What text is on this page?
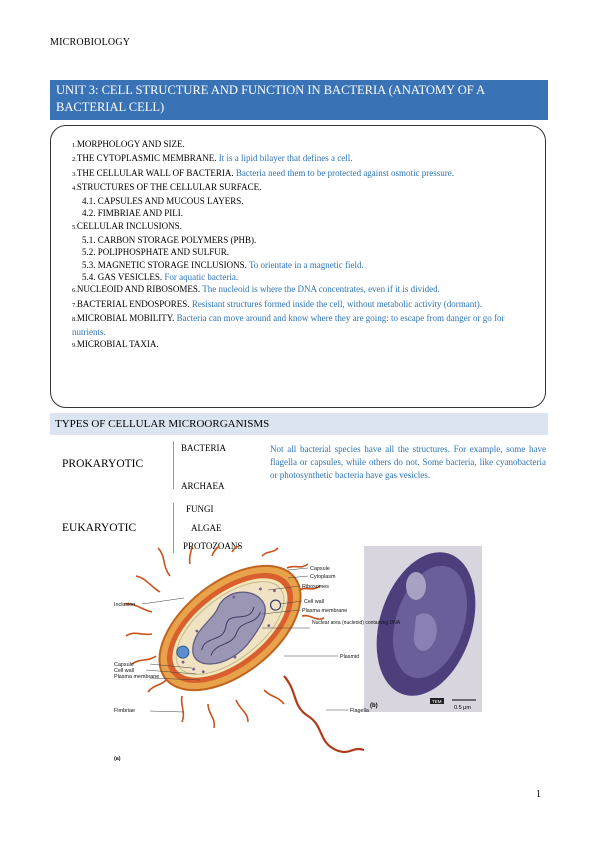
MICROBIOLOGY
UNIT 3: CELL STRUCTURE AND FUNCTION IN BACTERIA (ANATOMY OF A BACTERIAL CELL)
1.MORPHOLOGY AND SIZE.
2.THE CYTOPLASMIC MEMBRANE. It is a lipid bilayer that defines a cell.
3.THE CELLULAR WALL OF BACTERIA. Bacteria need them to be protected against osmotic pressure.
4.STRUCTURES OF THE CELLULAR SURFACE.
4.1. CAPSULES AND MUCOUS LAYERS.
4.2. FIMBRIAE AND PILI.
5.CELLULAR INCLUSIONS.
5.1. CARBON STORAGE POLYMERS (PHB).
5.2. POLIPHOSPHATE AND SULFUR.
5.3. MAGNETIC STORAGE INCLUSIONS. To orientate in a magnetic field.
5.4. GAS VESICLES. For aquatic bacteria.
6.NUCLEOID AND RIBOSOMES. The nucleoid is where the DNA concentrates, even if it is divided.
7.BACTERIAL ENDOSPORES. Resistant structures formed inside the cell, without metabolic activity (dormant).
8.MICROBIAL MOBILITY. Bacteria can move around and know where they are going: to escape from danger or go for nutrients.
9.MICROBIAL TAXIA.
TYPES OF CELLULAR MICROORGANISMS
PROKARYOTIC
BACTERIA
ARCHAEA
EUKARYOTIC
FUNGI
ALGAE
PROTOZOANS
Not all bacterial species have all the structures. For example, some have flagella or capsules, while others do not. Some bacteria, like cyanobacteria or photosynthetic bacteria have gas vesicles.
TEM
0.5 μm
(b)
Inclusion
Capsule
Cell wall
Plasma membrane
Fimbriae
Capsule
Cytoplasm
Ribosomes
Cell wall
Plasma membrane
Nuclear area (nucleoid) containing DNA
Plasmid
Flagella
(a)
1
